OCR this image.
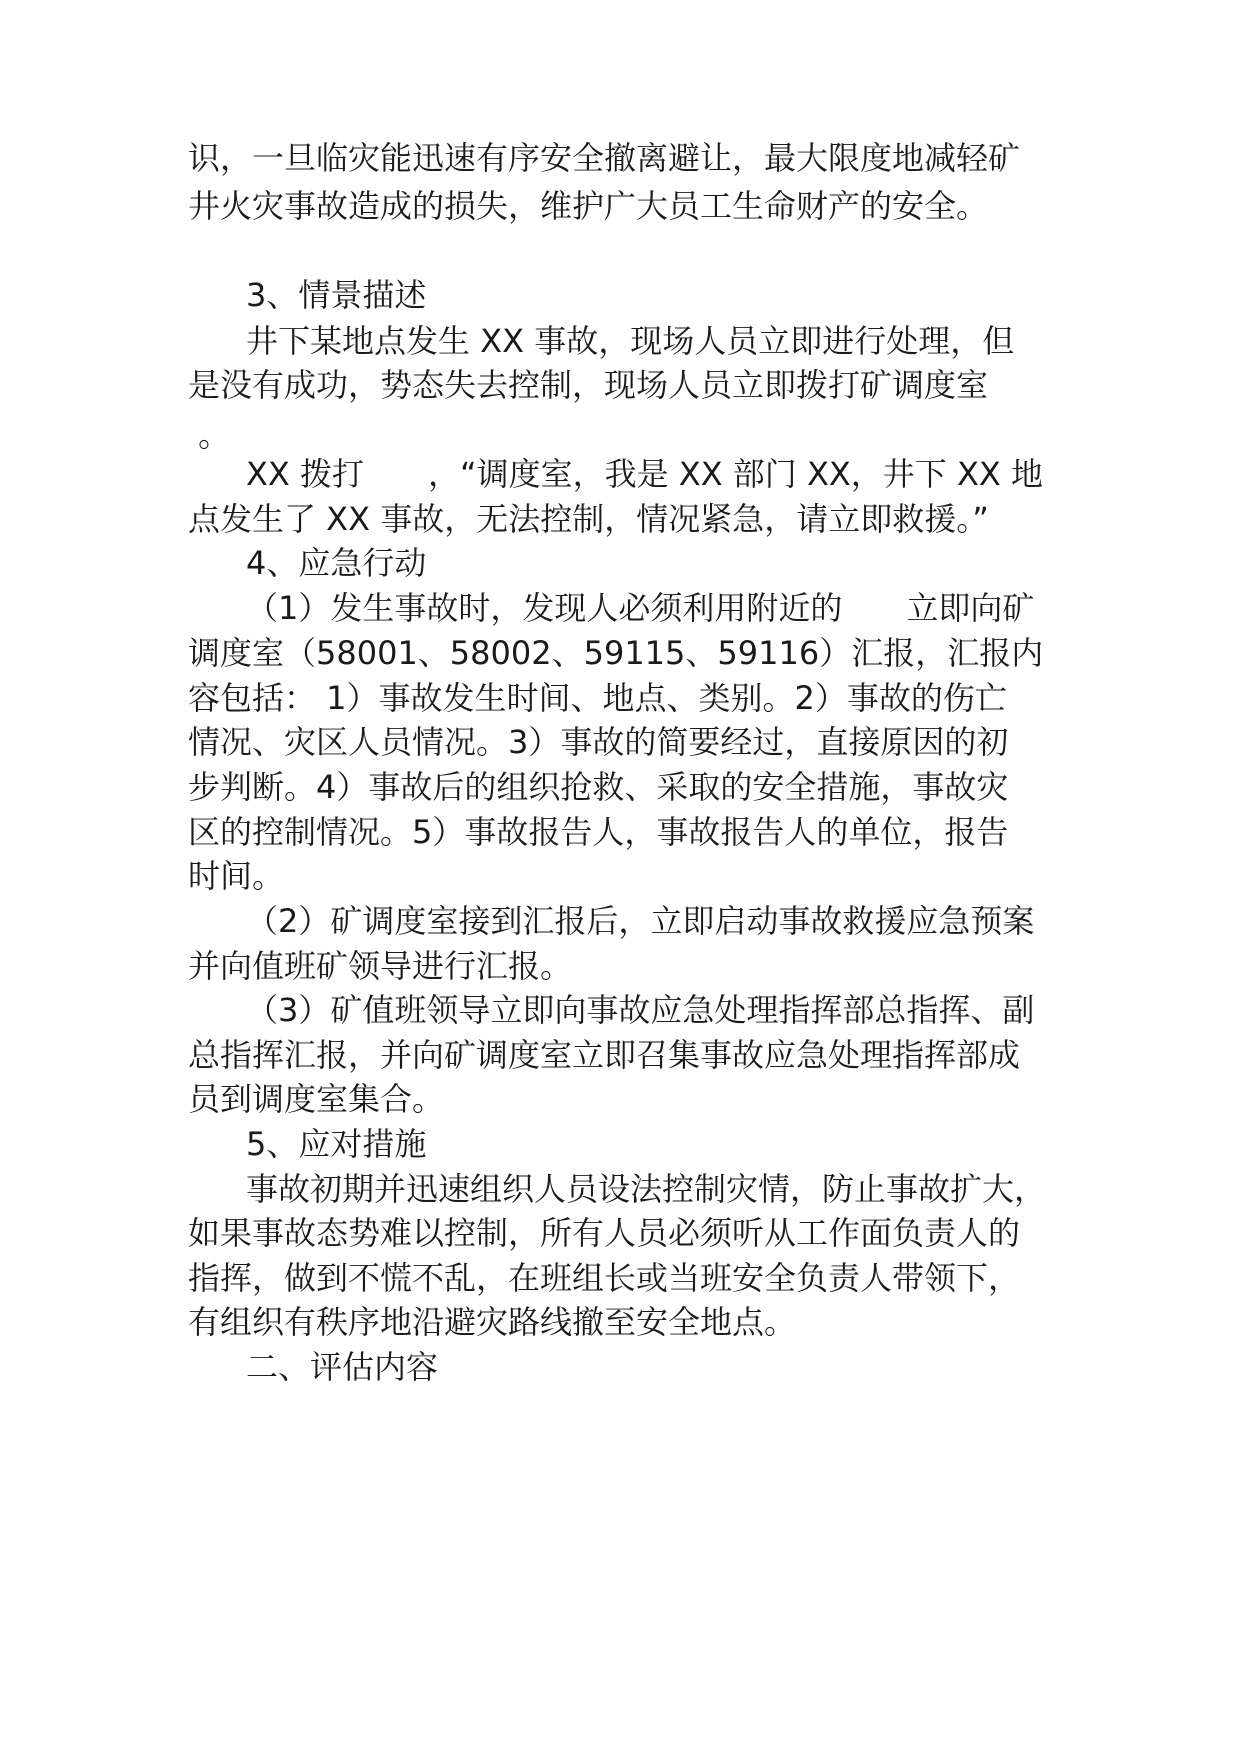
识，一旦临灾能迅速有序安全撤离避让，最大限度地减轻矿
井火灾事故造成的损失，维护广大员工生命财产的安全。
3、情景描述
井下某地点发生 XX 事故，现场人员立即进行处理，但
是没有成功，势态失去控制，现场人员立即拨打矿调度室
。
XX 拨打　　，“调度室，我是 XX 部门 XX，井下 XX 地
点发生了 XX 事故，无法控制，情况紧急，请立即救援。”
4、应急行动
（1）发生事故时，发现人必须利用附近的　　立即向矿
调度室（58001、58002、59115、59116）汇报，汇报内
容包括： 1）事故发生时间、地点、类别。2）事故的伤亡
情况、灾区人员情况。3）事故的简要经过，直接原因的初
步判断。4）事故后的组织抢救、采取的安全措施，事故灾
区的控制情况。5）事故报告人，事故报告人的单位，报告
时间。
（2）矿调度室接到汇报后，立即启动事故救援应急预案
并向值班矿领导进行汇报。
（3）矿值班领导立即向事故应急处理指挥部总指挥、副
总指挥汇报，并向矿调度室立即召集事故应急处理指挥部成
员到调度室集合。
5、应对措施
事故初期并迅速组织人员设法控制灾情，防止事故扩大，
如果事故态势难以控制，所有人员必须听从工作面负责人的
指挥，做到不慌不乱，在班组长或当班安全负责人带领下，
有组织有秩序地沿避灾路线撤至安全地点。
二、评估内容
